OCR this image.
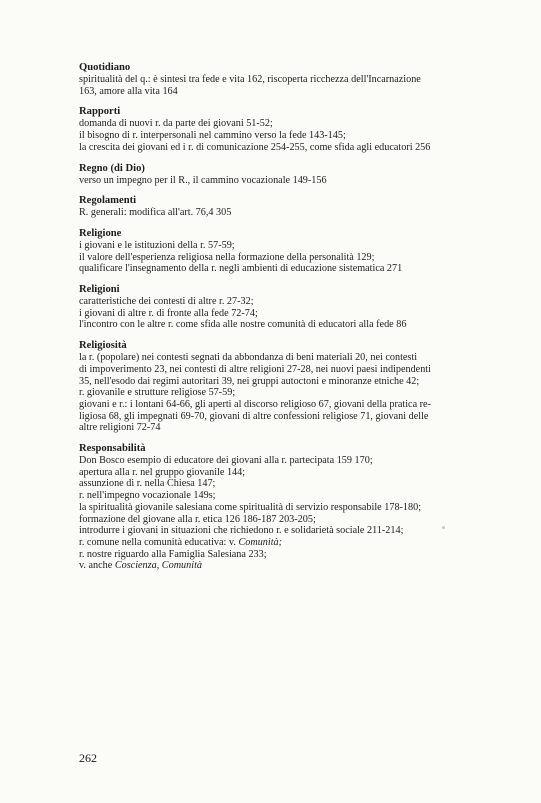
Quotidiano

spiritualità del q.: è sintesi tra fede e vita 162, riscoperta ricchezza dell'Incarnazione

163, amore alla vita 164

Rapporti

domanda di nuovi r. da parte dei giovani 51-52;

il bisogno di r. interpersonali nel cammino verso la fede 143-145;

la crescita dei giovani ed i r. di comunicazione 254-255, come sfida agli educatori 256

Regno (di Dio)

verso un impegno per il R., il cammino vocazionale 149-156

Regolamenti

R. generali: modifica all'art. 76,4 305

Religione

i giovani e le istituzioni della r. 57-59;

il valore dell'esperienza religiosa nella formazione della personalità 129;

qualificare l'insegnamento della r. negli ambienti di educazione sistematica 271

Religioni

caratteristiche dei contesti di altre r. 27-32;

i giovani di altre r. di fronte alla fede 72-74;

l'incontro con le altre r. come sfida alle nostre comunità di educatori alla fede 86

Religiosità

la r. (popolare) nei contesti segnati da abbondanza di beni materiali 20, nei contesti

di impoverimento 23, nei contesti di altre religioni 27-28, nei nuovi paesi indipendenti

35, nell'esodo dai regimi autoritari 39, nei gruppi autoctoni e minoranze etniche 42;

r. giovanile e strutture religiose 57-59;

giovani e r.: i lontani 64-66, gli aperti al discorso religioso 67, giovani della pratica re-

ligiosa 68, gli impegnati 69-70, giovani di altre confessioni religiose 71, giovani delle

altre religioni 72-74

Responsabilità

Don Bosco esempio di educatore dei giovani alla r. partecipata 159 170;

apertura alla r. nel gruppo giovanile 144;

assunzione di r. nella Chiesa 147;

r. nell'impegno vocazionale 149s;

la spiritualità giovanile salesiana come spiritualità di servizio responsabile 178-180;

formazione del giovane alla r. etica 126 186-187 203-205;

introdurre i giovani in situazioni che richiedono r. e solidarietà sociale 211-214;

r. comune nella comunità educativa: v. Comunità;

r. nostre riguardo alla Famiglia Salesiana 233;

v. anche Coscienza, Comunità

262
